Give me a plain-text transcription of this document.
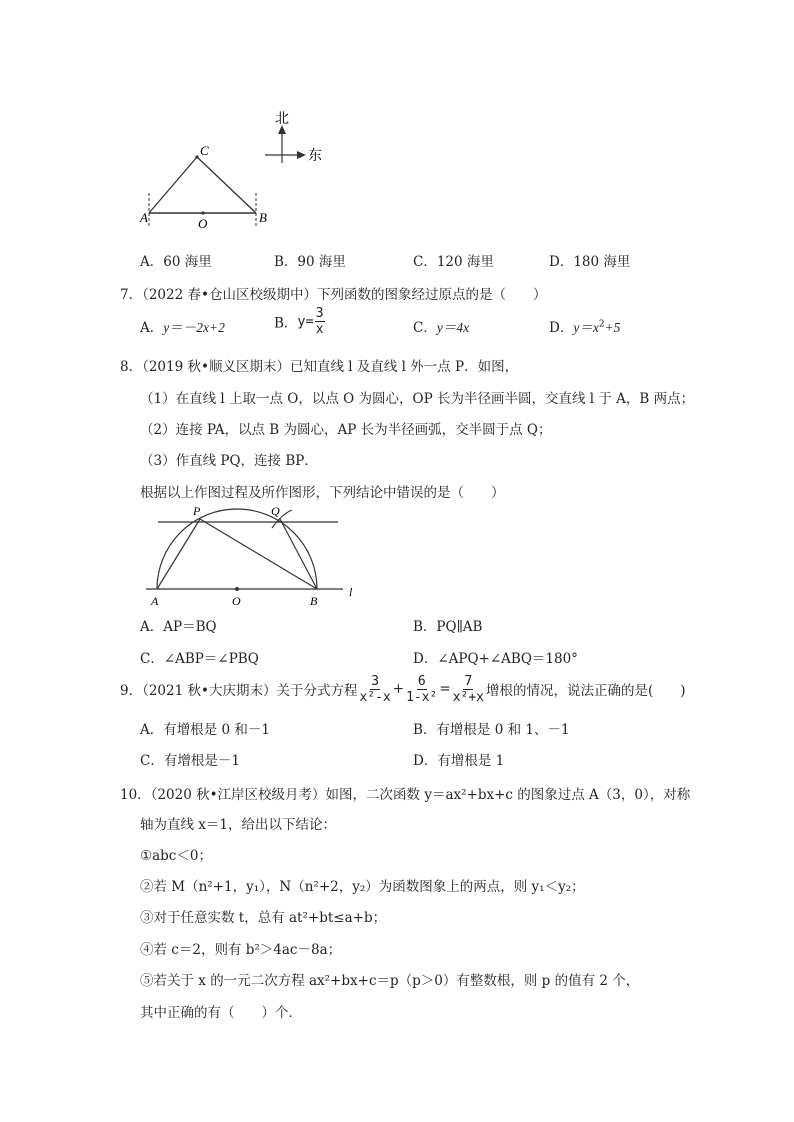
C
A	O	B
北
东
A．60 海里	B．90 海里	C．120 海里	D．180 海里
7．（2022 春•仓山区校级期中）下列函数的图象经过原点的是（　　）
A．y＝－2x+2	B．$y= \frac{3}{x}$	C．y＝4x	D．$y=x^2+5$
8．（2019 秋•顺义区期末）已知直线 l 及直线 l 外一点 P．如图，
（1）在直线 l 上取一点 O，以点 O 为圆心，OP 长为半径画半圆，交直线 l 于 A，B 两点；
（2）连接 PA，以点 B 为圆心，AP 长为半径画弧，交半圆于点 Q；
（3）作直线 PQ，连接 BP．
根据以上作图过程及所作图形，下列结论中错误的是（　　）
P	Q
A	O	B
l
A．AP＝BQ	B．PQ∥AB
C．∠ABP＝∠PBQ	D．∠APQ+∠ABQ＝180°
9．（2021 秋•大庆期末）关于分式方程 $\frac{3}{\text{x²-x}} + \frac{6}{\text{1-x²}} = \frac{7}{\text{x²+x}}$ 增根的情况，说法正确的是(　　)
A．有增根是 0 和－1	B．有增根是 0 和 1、－1
C．有增根是－1	D．有增根是 1
10．（2020 秋•江岸区校级月考）如图，二次函数 y＝ax²+bx+c 的图象过点 A（3，0），对称
轴为直线 x＝1，给出以下结论：
①abc＜0；
②若 M（n²+1，y₁），N（n²+2，y₂）为函数图象上的两点，则 y₁＜y₂；
③对于任意实数 t，总有 at²+bt≤a+b；
④若 c＝2，则有 b²＞4ac－8a；
⑤若关于 x 的一元二次方程 ax²+bx+c＝p（p＞0）有整数根，则 p 的值有 2 个，
其中正确的有（　　）个．
